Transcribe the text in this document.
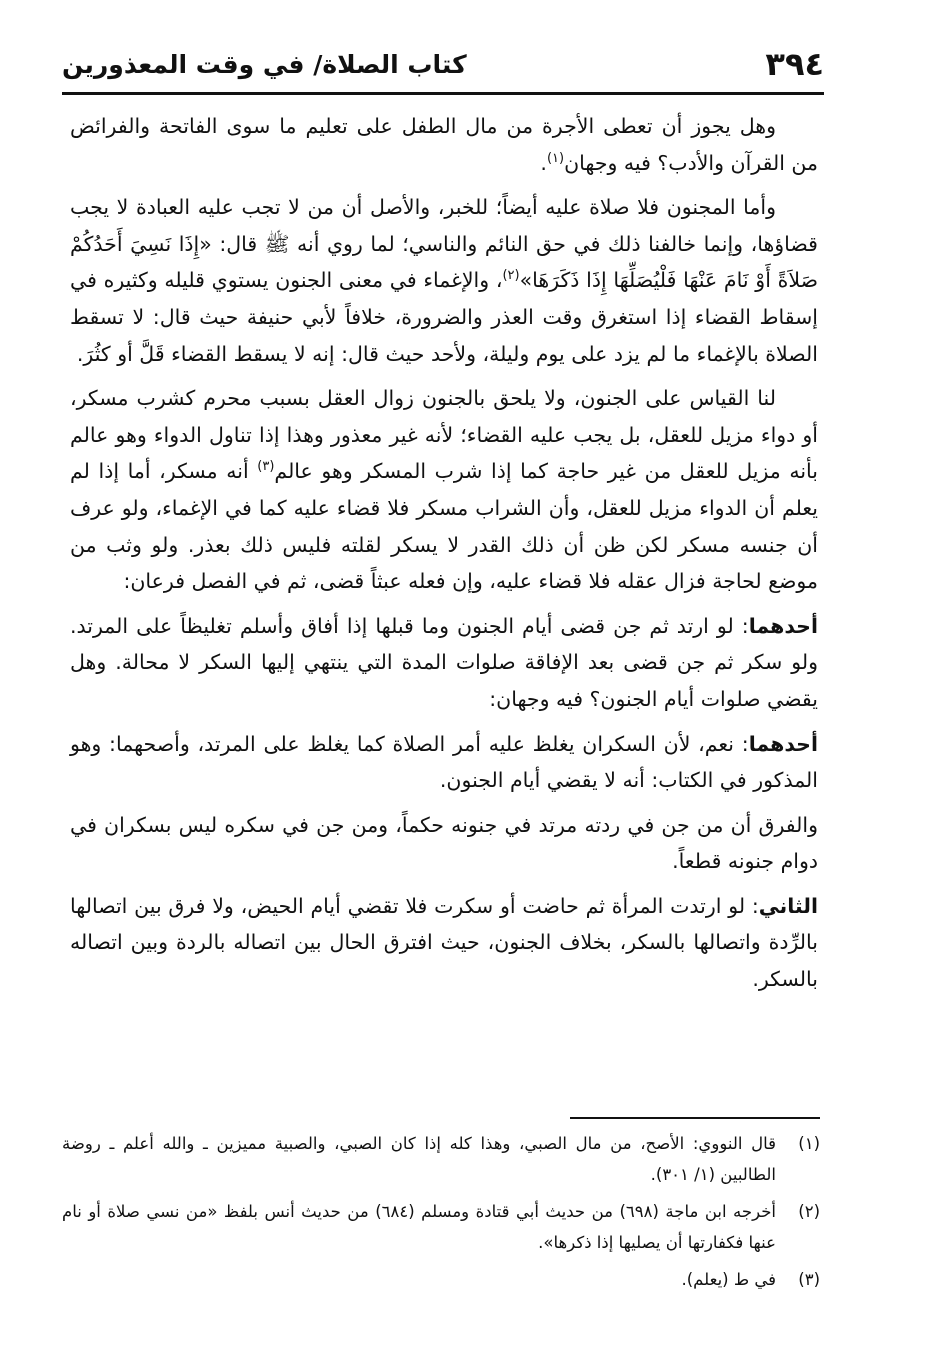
٣٩٤
كتاب الصلاة/ في وقت المعذورين

وهل يجوز أن تعطى الأجرة من مال الطفل على تعليم ما سوى الفاتحة والفرائض من القرآن والأدب؟ فيه وجهان$^{(١)}$.

وأما المجنون فلا صلاة عليه أيضاً؛ للخبر، والأصل أن من لا تجب عليه العبادة لا يجب قضاؤها، وإنما خالفنا ذلك في حق النائم والناسي؛ لما روي أنه ﷺ قال: «إِذَا نَسِيَ أَحَدُكُمْ صَلاَةً أَوْ نَامَ عَنْهَا فَلْيُصَلِّهَا إِذَا ذَكَرَهَا»$^{(٢)}$، والإغماء في معنى الجنون يستوي قليله وكثيره في إسقاط القضاء إذا استغرق وقت العذر والضرورة، خلافاً لأبي حنيفة حيث قال: لا تسقط الصلاة بالإغماء ما لم يزد على يوم وليلة، ولأحد حيث قال: إنه لا يسقط القضاء قَلَّ أو كثُرَ.

لنا القياس على الجنون، ولا يلحق بالجنون زوال العقل بسبب محرم كشرب مسكر، أو دواء مزيل للعقل، بل يجب عليه القضاء؛ لأنه غير معذور وهذا إذا تناول الدواء وهو عالم بأنه مزيل للعقل من غير حاجة كما إذا شرب المسكر وهو عالم$^{(٣)}$ أنه مسكر، أما إذا لم يعلم أن الدواء مزيل للعقل، وأن الشراب مسكر فلا قضاء عليه كما في الإغماء، ولو عرف أن جنسه مسكر لكن ظن أن ذلك القدر لا يسكر لقلته فليس ذلك بعذر. ولو وثب من موضع لحاجة فزال عقله فلا قضاء عليه، وإن فعله عبثاً قضى، ثم في الفصل فرعان:

أحدهما: لو ارتد ثم جن قضى أيام الجنون وما قبلها إذا أفاق وأسلم تغليظاً على المرتد. ولو سكر ثم جن قضى بعد الإفاقة صلوات المدة التي ينتهي إليها السكر لا محالة. وهل يقضي صلوات أيام الجنون؟ فيه وجهان:

أحدهما: نعم، لأن السكران يغلظ عليه أمر الصلاة كما يغلظ على المرتد، وأصحهما: وهو المذكور في الكتاب: أنه لا يقضي أيام الجنون.

والفرق أن من جن في ردته مرتد في جنونه حكماً، ومن جن في سكره ليس بسكران في دوام جنونه قطعاً.

الثاني: لو ارتدت المرأة ثم حاضت أو سكرت فلا تقضي أيام الحيض، ولا فرق بين اتصالها بالرِّدة واتصالها بالسكر، بخلاف الجنون، حيث افترق الحال بين اتصاله بالردة وبين اتصاله بالسكر.

(١)
قال النووي: الأصح، من مال الصبي، وهذا كله إذا كان الصبي، والصبية مميزين ـ والله أعلم ـ روضة الطالبين (١/ ٣٠١).

(٢)
أخرجه ابن ماجة (٦٩٨) من حديث أبي قتادة ومسلم (٦٨٤) من حديث أنس بلفظ «من نسي صلاة أو نام عنها فكفارتها أن يصليها إذا ذكرها».

(٣)
في ط (يعلم).
